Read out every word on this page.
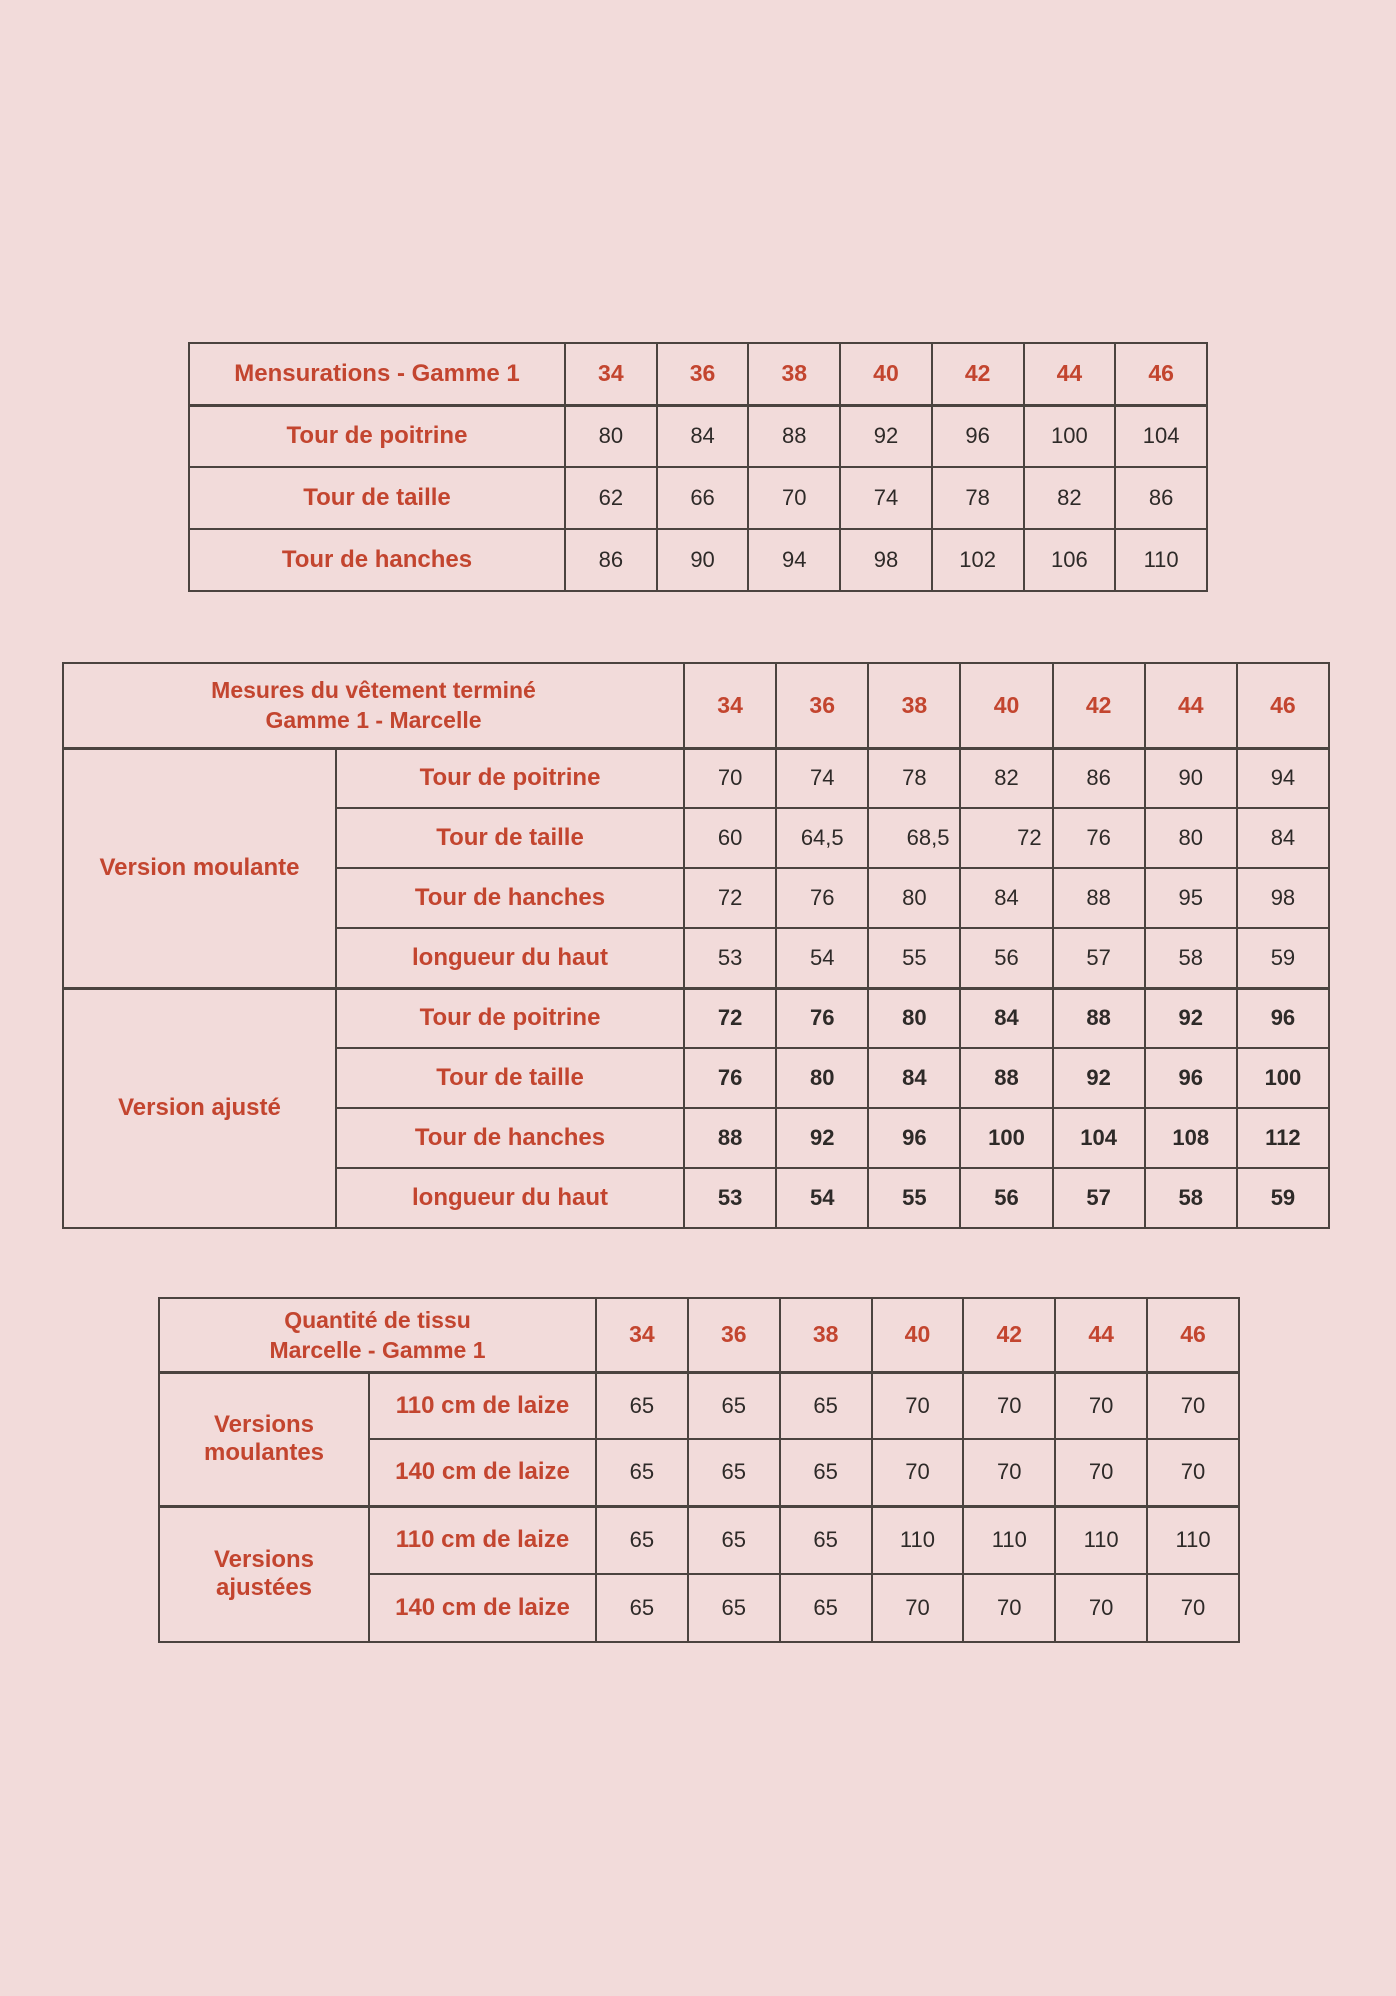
Mensurations - Gamme 1	34	36	38	40	42	44	46
Tour de poitrine	80	84	88	92	96	100	104
Tour de taille	62	66	70	74	78	82	86
Tour de hanches	86	90	94	98	102	106	110
Mesures du vêtement terminé
Gamme 1 - Marcelle		34	36	38	40	42	44	46
Version moulante	Tour de poitrine	70	74	78	82	86	90	94
	Tour de taille	60	64,5	68,5	72	76	80	84
	Tour de hanches	72	76	80	84	88	95	98
	longueur du haut	53	54	55	56	57	58	59
Version ajusté	Tour de poitrine	72	76	80	84	88	92	96
	Tour de taille	76	80	84	88	92	96	100
	Tour de hanches	88	92	96	100	104	108	112
	longueur du haut	53	54	55	56	57	58	59
Quantité de tissu
Marcelle - Gamme 1		34	36	38	40	42	44	46

Versions
moulantes	110 cm de laize	65	65	65	70	70	70	70
	140 cm de laize	65	65	65	70	70	70	70

Versions
ajustées	110 cm de laize	65	65	65	110	110	110	110
	140 cm de laize	65	65	65	70	70	70	70
